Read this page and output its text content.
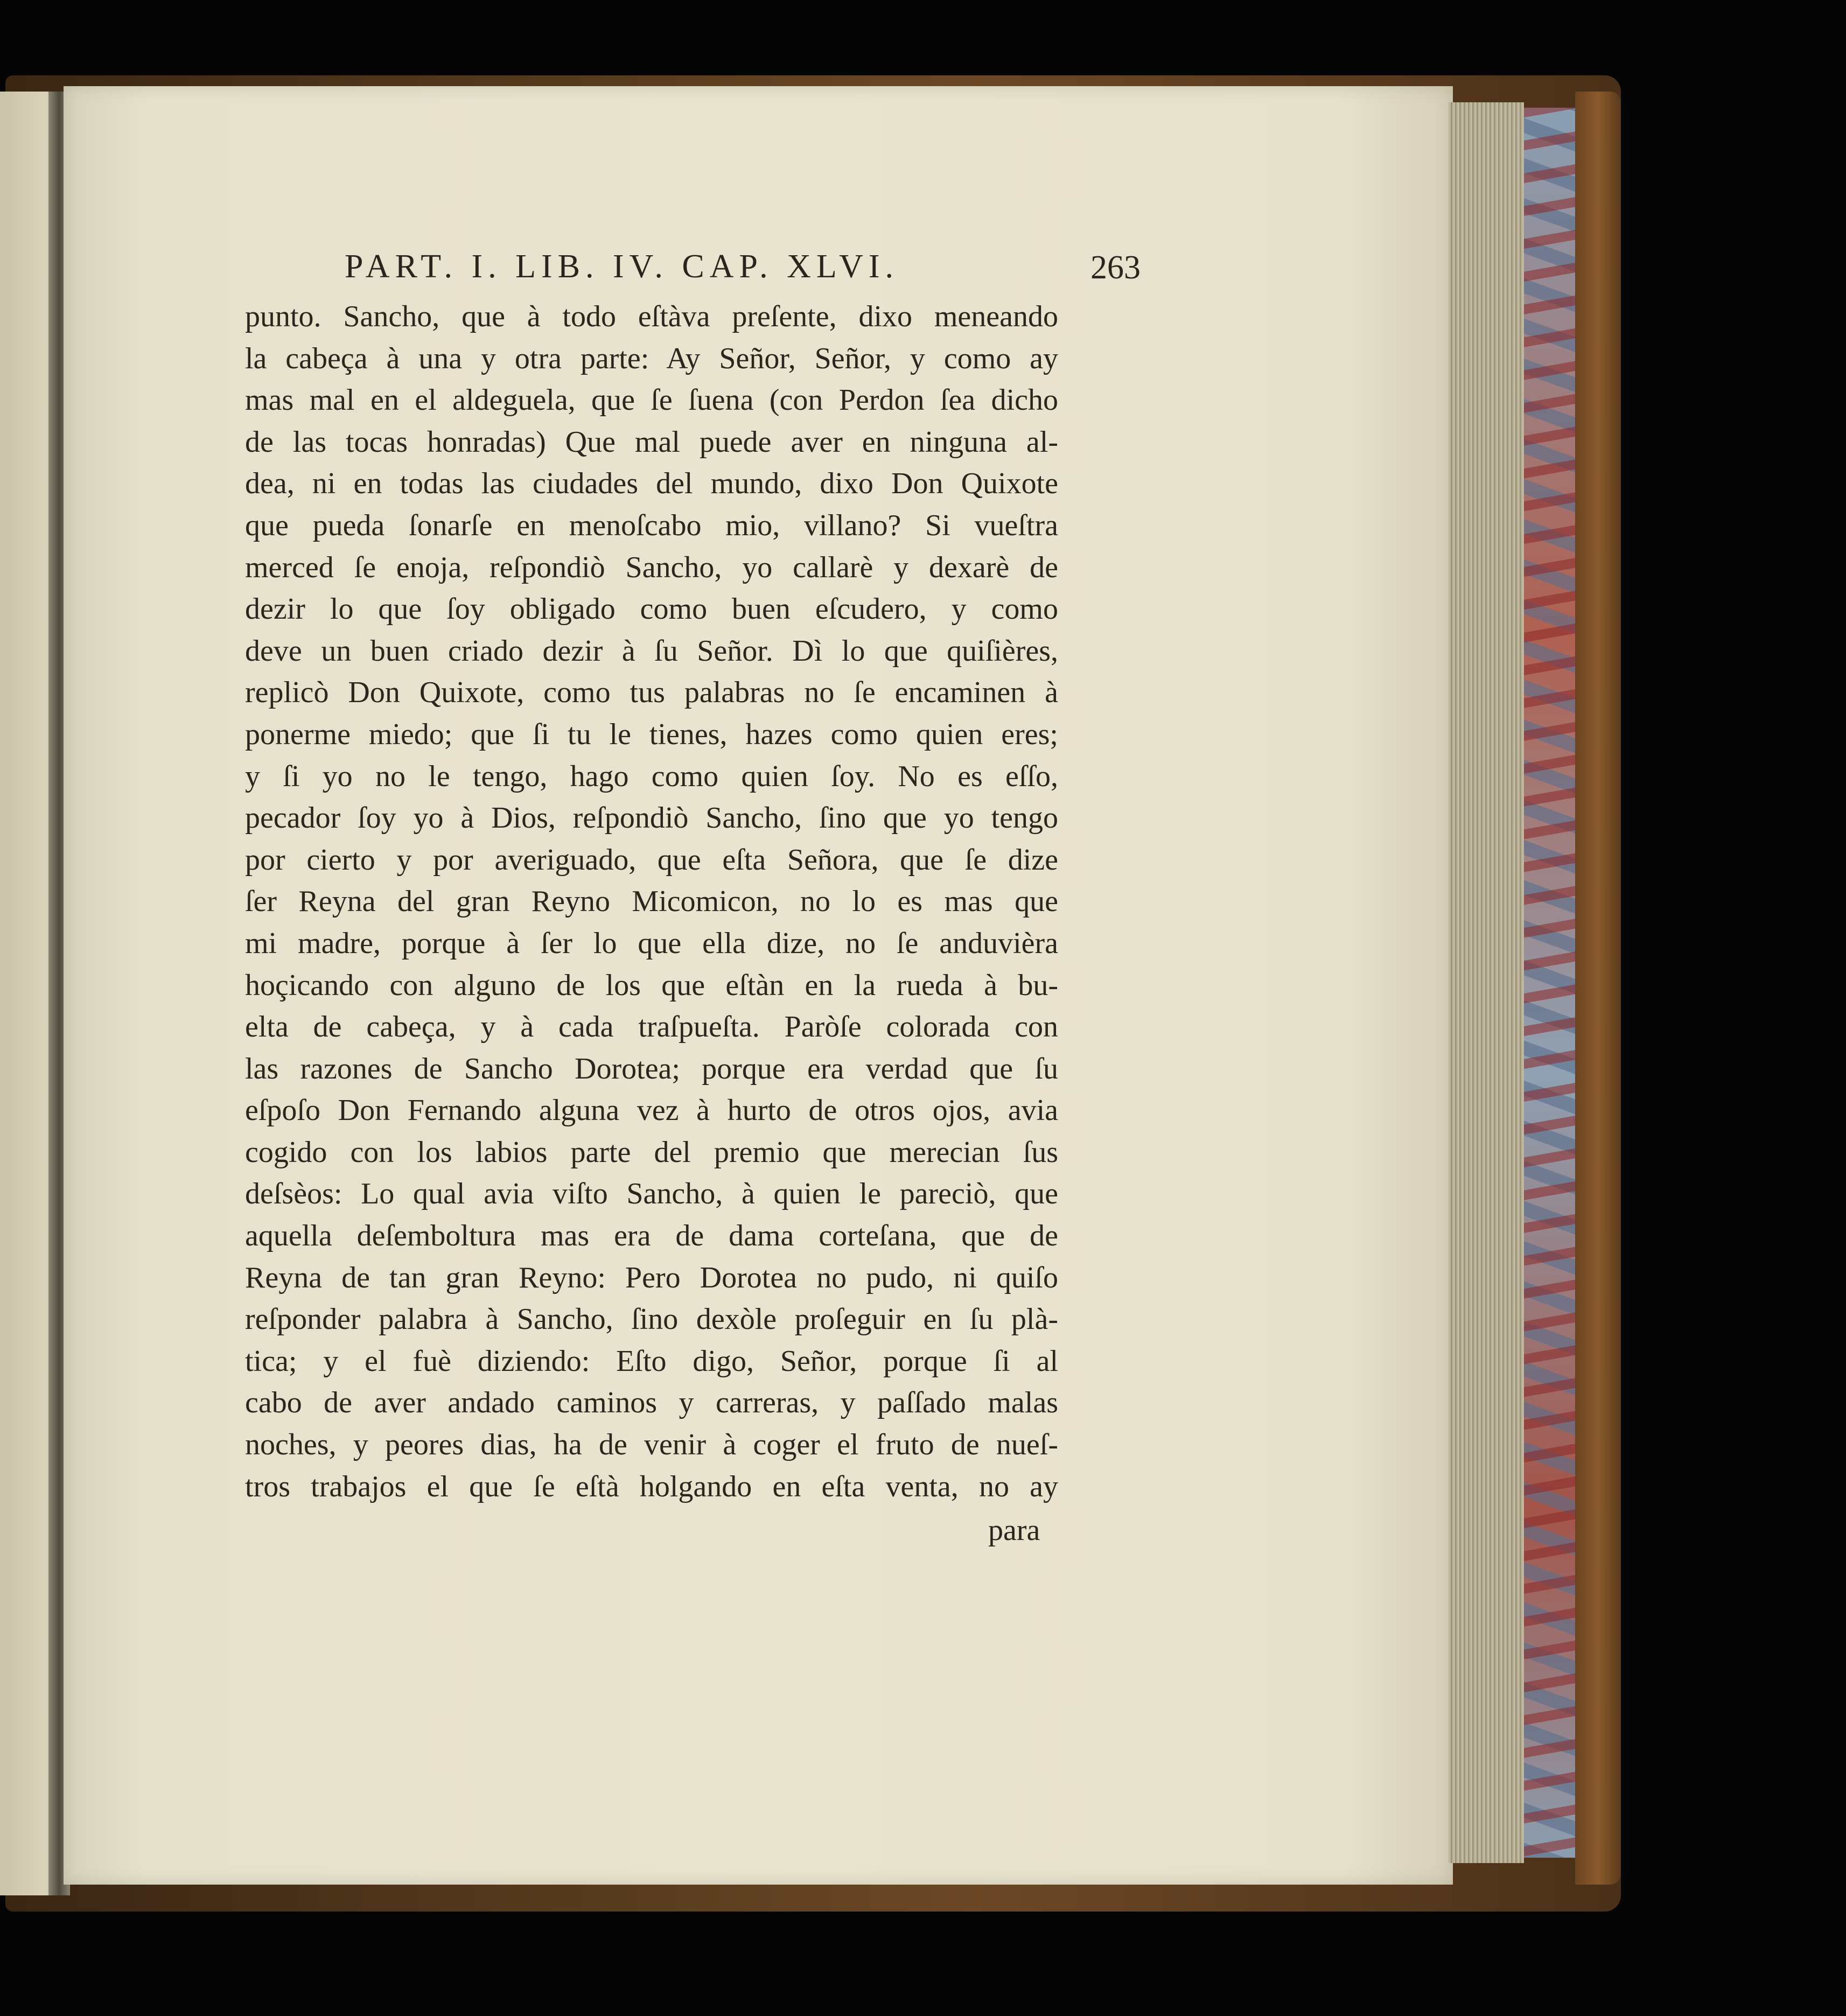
PART. I. LIB. IV. CAP. XLVI.	263
punto. Sancho, que à todo eſtàva preſente, dixo meneando
la cabeça à una y otra parte: Ay Señor, Señor, y como ay
mas mal en el aldeguela, que ſe ſuena (con Perdon ſea dicho
de las tocas honradas) Que mal puede aver en ninguna al-
dea, ni en todas las ciudades del mundo, dixo Don Quixote
que pueda ſonarſe en menoſcabo mio, villano? Si vueſtra
merced ſe enoja, reſpondiò Sancho, yo callarè y dexarè de
dezir lo que ſoy obligado como buen eſcudero, y como
deve un buen criado dezir à ſu Señor. Dì lo que quiſières,
replicò Don Quixote, como tus palabras no ſe encaminen à
ponerme miedo; que ſi tu le tienes, hazes como quien eres;
y ſi yo no le tengo, hago como quien ſoy. No es eſſo,
pecador ſoy yo à Dios, reſpondiò Sancho, ſino que yo tengo
por cierto y por averiguado, que eſta Señora, que ſe dize
ſer Reyna del gran Reyno Micomicon, no lo es mas que
mi madre, porque à ſer lo que ella dize, no ſe anduvièra
hoçicando con alguno de los que eſtàn en la rueda à bu-
elta de cabeça, y à cada traſpueſta. Paròſe colorada con
las razones de Sancho Dorotea; porque era verdad que ſu
eſpoſo Don Fernando alguna vez à hurto de otros ojos, avia
cogido con los labios parte del premio que merecian ſus
deſsèos: Lo qual avia viſto Sancho, à quien le pareciò, que
aquella deſemboltura mas era de dama corteſana, que de
Reyna de tan gran Reyno: Pero Dorotea no pudo, ni quiſo
reſponder palabra à Sancho, ſino dexòle proſeguir en ſu plà-
tica; y el fuè diziendo: Eſto digo, Señor, porque ſi al
cabo de aver andado caminos y carreras, y paſſado malas
noches, y peores dias, ha de venir à coger el fruto de nueſ-
tros trabajos el que ſe eſtà holgando en eſta venta, no ay
para
